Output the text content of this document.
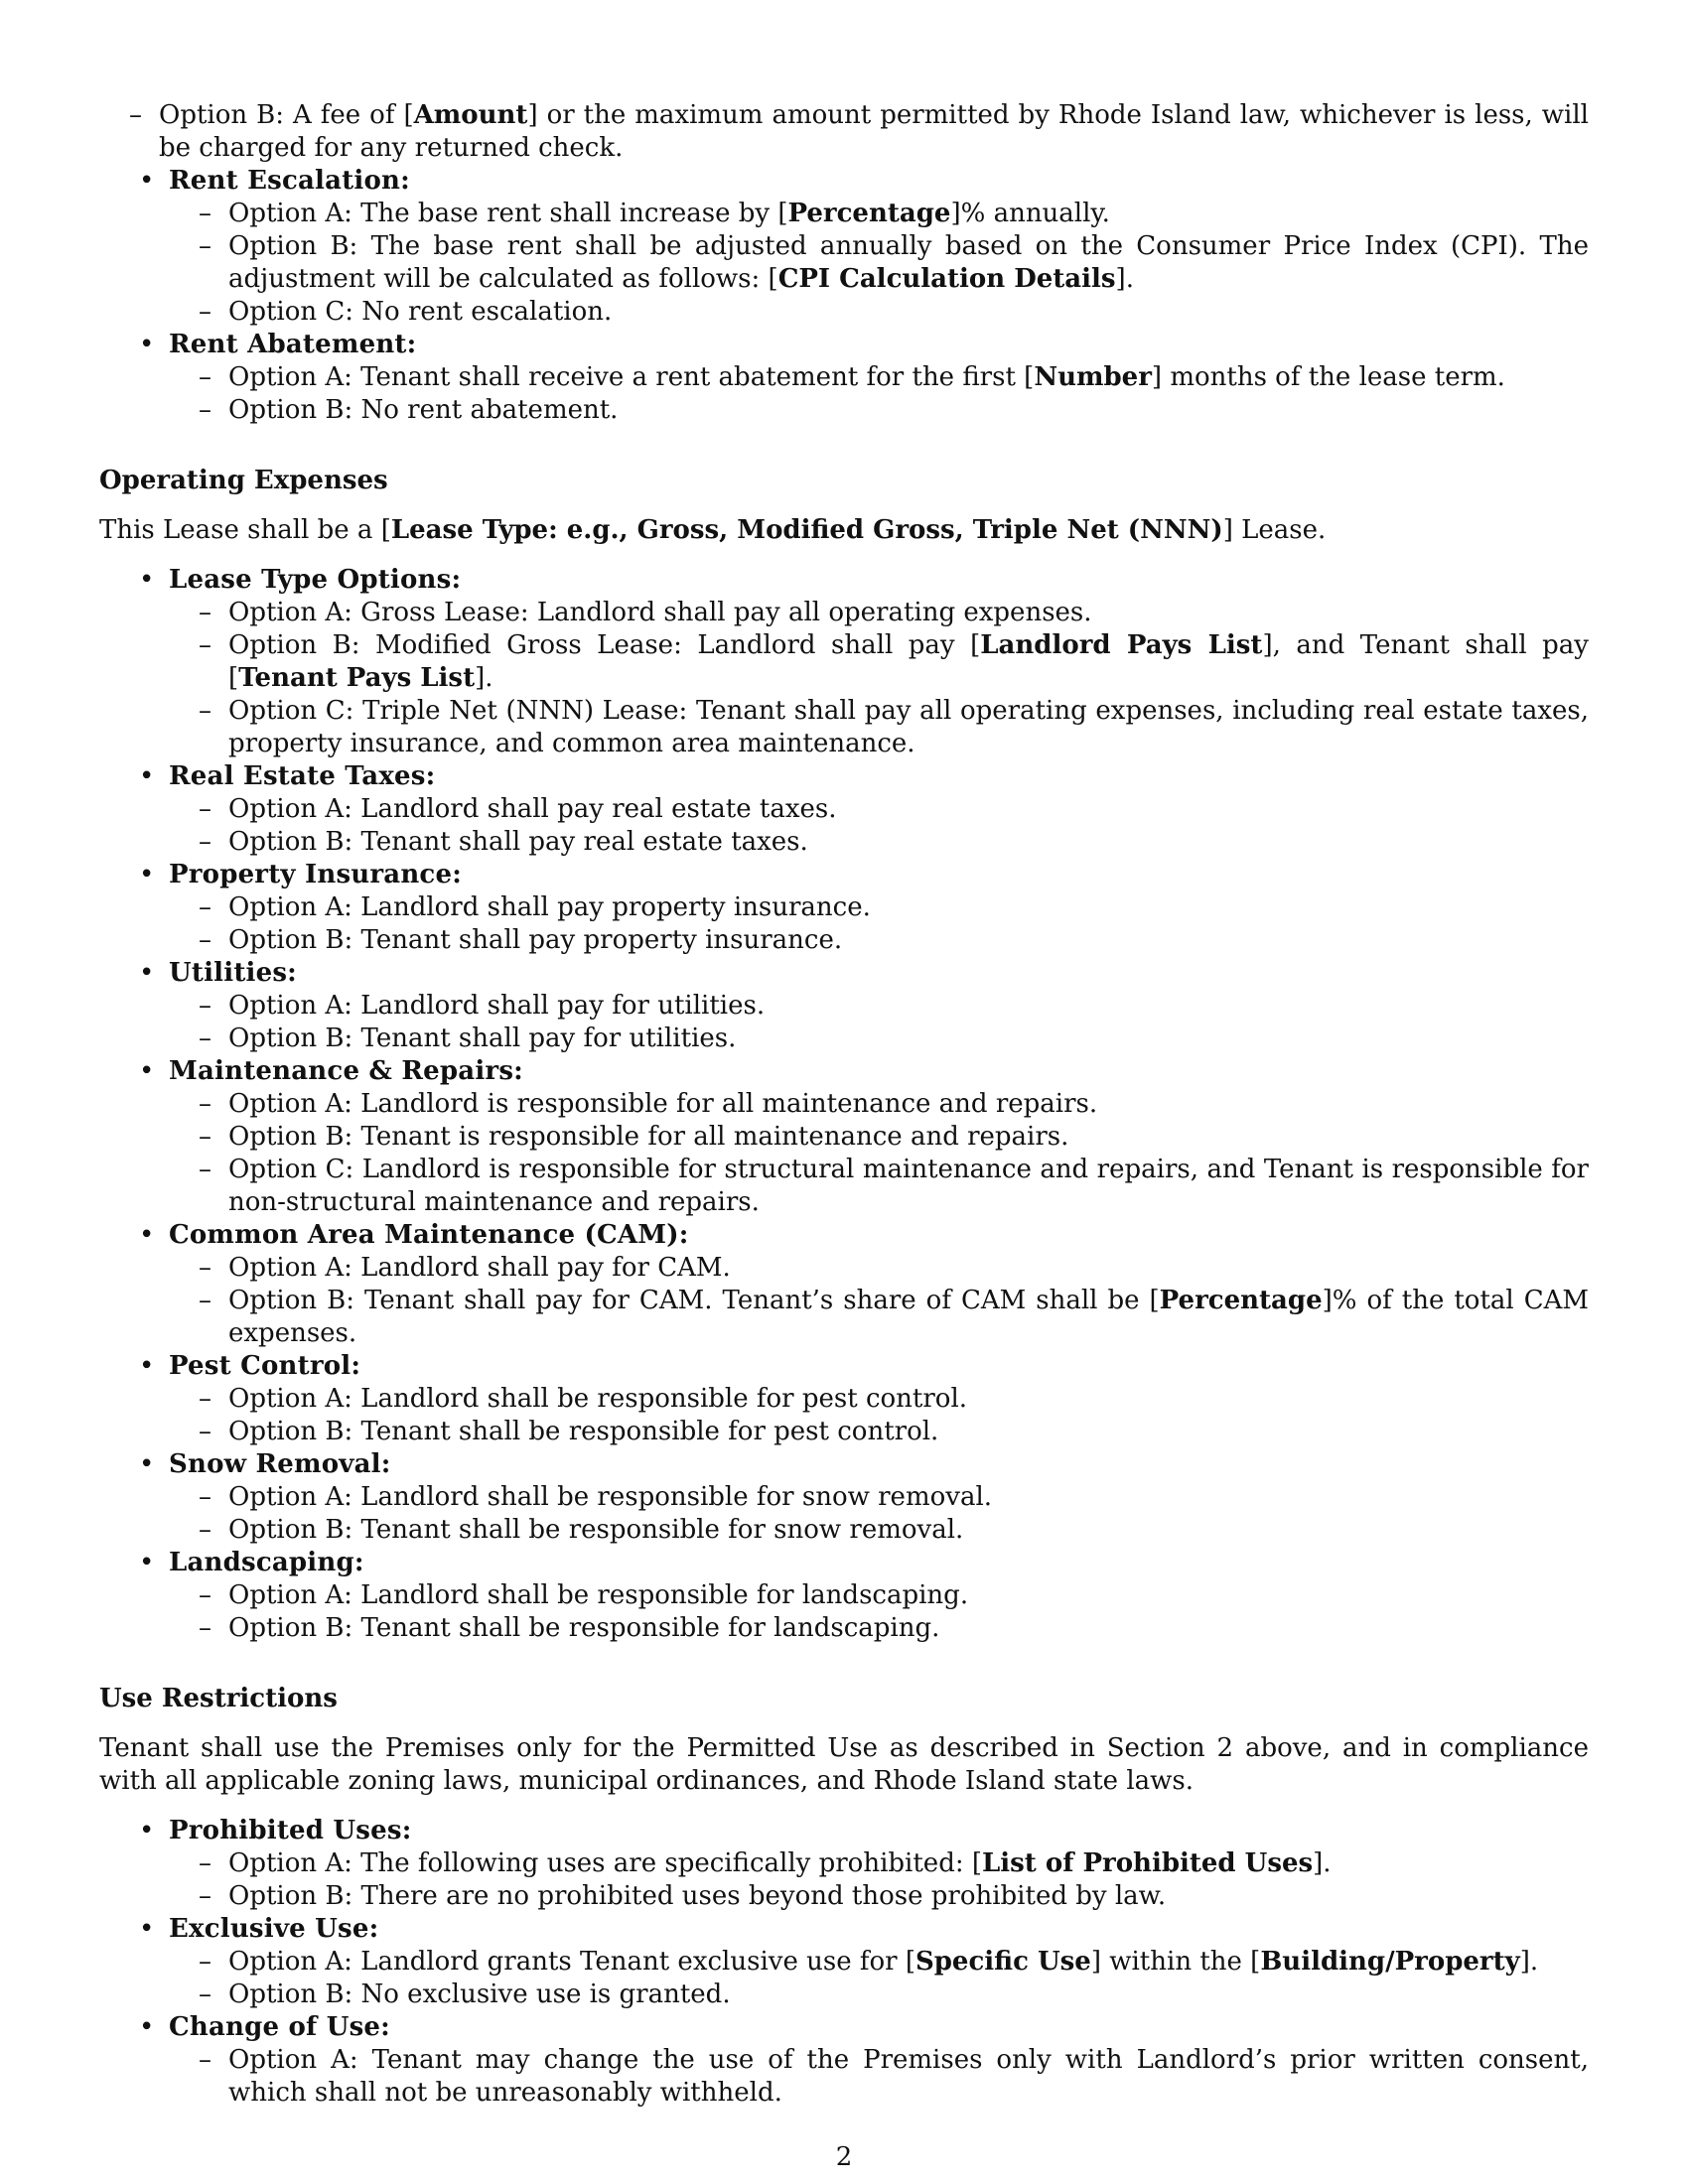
– Option B: A fee of [Amount] or the maximum amount permitted by Rhode Island law, whichever is less, will be charged for any returned check.
• Rent Escalation:
– Option A: The base rent shall increase by [Percentage]% annually.
– Option B: The base rent shall be adjusted annually based on the Consumer Price Index (CPI). The adjustment will be calculated as follows: [CPI Calculation Details].
– Option C: No rent escalation.
• Rent Abatement:
– Option A: Tenant shall receive a rent abatement for the first [Number] months of the lease term.
– Option B: No rent abatement.

Operating Expenses

This Lease shall be a [Lease Type: e.g., Gross, Modified Gross, Triple Net (NNN)] Lease.

• Lease Type Options:
– Option A: Gross Lease: Landlord shall pay all operating expenses.
– Option B: Modified Gross Lease: Landlord shall pay [Landlord Pays List], and Tenant shall pay [Tenant Pays List].
– Option C: Triple Net (NNN) Lease: Tenant shall pay all operating expenses, including real estate taxes, property insurance, and common area maintenance.
• Real Estate Taxes:
– Option A: Landlord shall pay real estate taxes.
– Option B: Tenant shall pay real estate taxes.
• Property Insurance:
– Option A: Landlord shall pay property insurance.
– Option B: Tenant shall pay property insurance.
• Utilities:
– Option A: Landlord shall pay for utilities.
– Option B: Tenant shall pay for utilities.
• Maintenance & Repairs:
– Option A: Landlord is responsible for all maintenance and repairs.
– Option B: Tenant is responsible for all maintenance and repairs.
– Option C: Landlord is responsible for structural maintenance and repairs, and Tenant is responsible for non-structural maintenance and repairs.
• Common Area Maintenance (CAM):
– Option A: Landlord shall pay for CAM.
– Option B: Tenant shall pay for CAM. Tenant’s share of CAM shall be [Percentage]% of the total CAM expenses.
• Pest Control:
– Option A: Landlord shall be responsible for pest control.
– Option B: Tenant shall be responsible for pest control.
• Snow Removal:
– Option A: Landlord shall be responsible for snow removal.
– Option B: Tenant shall be responsible for snow removal.
• Landscaping:
– Option A: Landlord shall be responsible for landscaping.
– Option B: Tenant shall be responsible for landscaping.

Use Restrictions

Tenant shall use the Premises only for the Permitted Use as described in Section 2 above, and in compliance with all applicable zoning laws, municipal ordinances, and Rhode Island state laws.

• Prohibited Uses:
– Option A: The following uses are specifically prohibited: [List of Prohibited Uses].
– Option B: There are no prohibited uses beyond those prohibited by law.
• Exclusive Use:
– Option A: Landlord grants Tenant exclusive use for [Specific Use] within the [Building/Property].
– Option B: No exclusive use is granted.
• Change of Use:
– Option A: Tenant may change the use of the Premises only with Landlord’s prior written consent, which shall not be unreasonably withheld.
2
